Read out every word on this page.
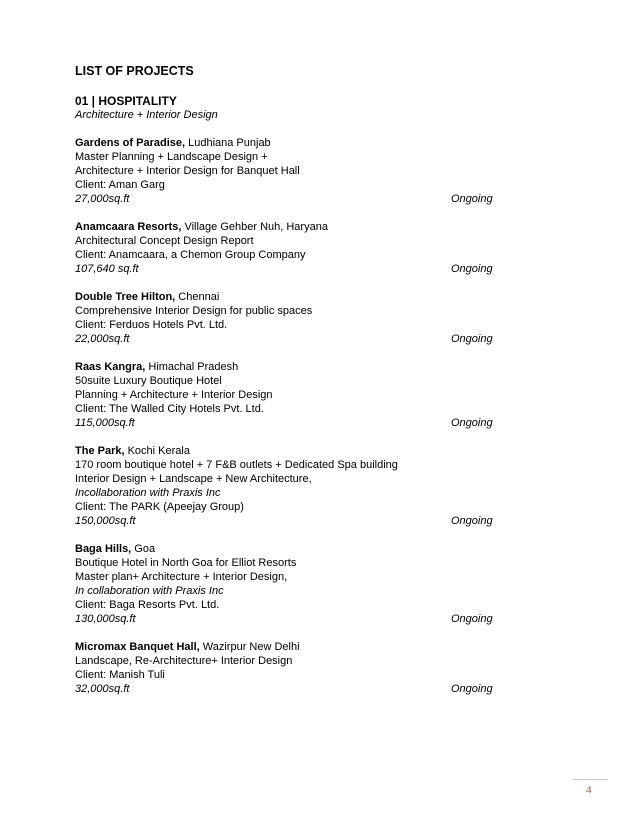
LIST OF PROJECTS
01 | HOSPITALITY
Architecture + Interior Design
Gardens of Paradise, Ludhiana Punjab
Master Planning + Landscape Design +
Architecture + Interior Design for Banquet Hall
Client: Aman Garg
27,000sq.ft	Ongoing
Anamcaara Resorts, Village Gehber Nuh, Haryana
Architectural Concept Design Report
Client: Anamcaara, a Chemon Group Company
107,640 sq.ft	Ongoing
Double Tree Hilton, Chennai
Comprehensive Interior Design for public spaces
Client: Ferduos Hotels Pvt. Ltd.
22,000sq.ft	Ongoing
Raas Kangra, Himachal Pradesh
50suite Luxury Boutique Hotel
Planning + Architecture + Interior Design
Client: The Walled City Hotels Pvt. Ltd.
115,000sq.ft	Ongoing
The Park, Kochi Kerala
170 room boutique hotel + 7 F&B outlets + Dedicated Spa building
Interior Design + Landscape + New Architecture,
Incollaboration with Praxis Inc
Client: The PARK (Apeejay Group)
150,000sq.ft	Ongoing
Baga Hills, Goa
Boutique Hotel in North Goa for Elliot Resorts
Master plan+ Architecture + Interior Design,
In collaboration with Praxis Inc
Client: Baga Resorts Pvt. Ltd.
130,000sq.ft	Ongoing
Micromax Banquet Hall, Wazirpur New Delhi
Landscape, Re-Architecture+ Interior Design
Client: Manish Tuli
32,000sq.ft	Ongoing
4
